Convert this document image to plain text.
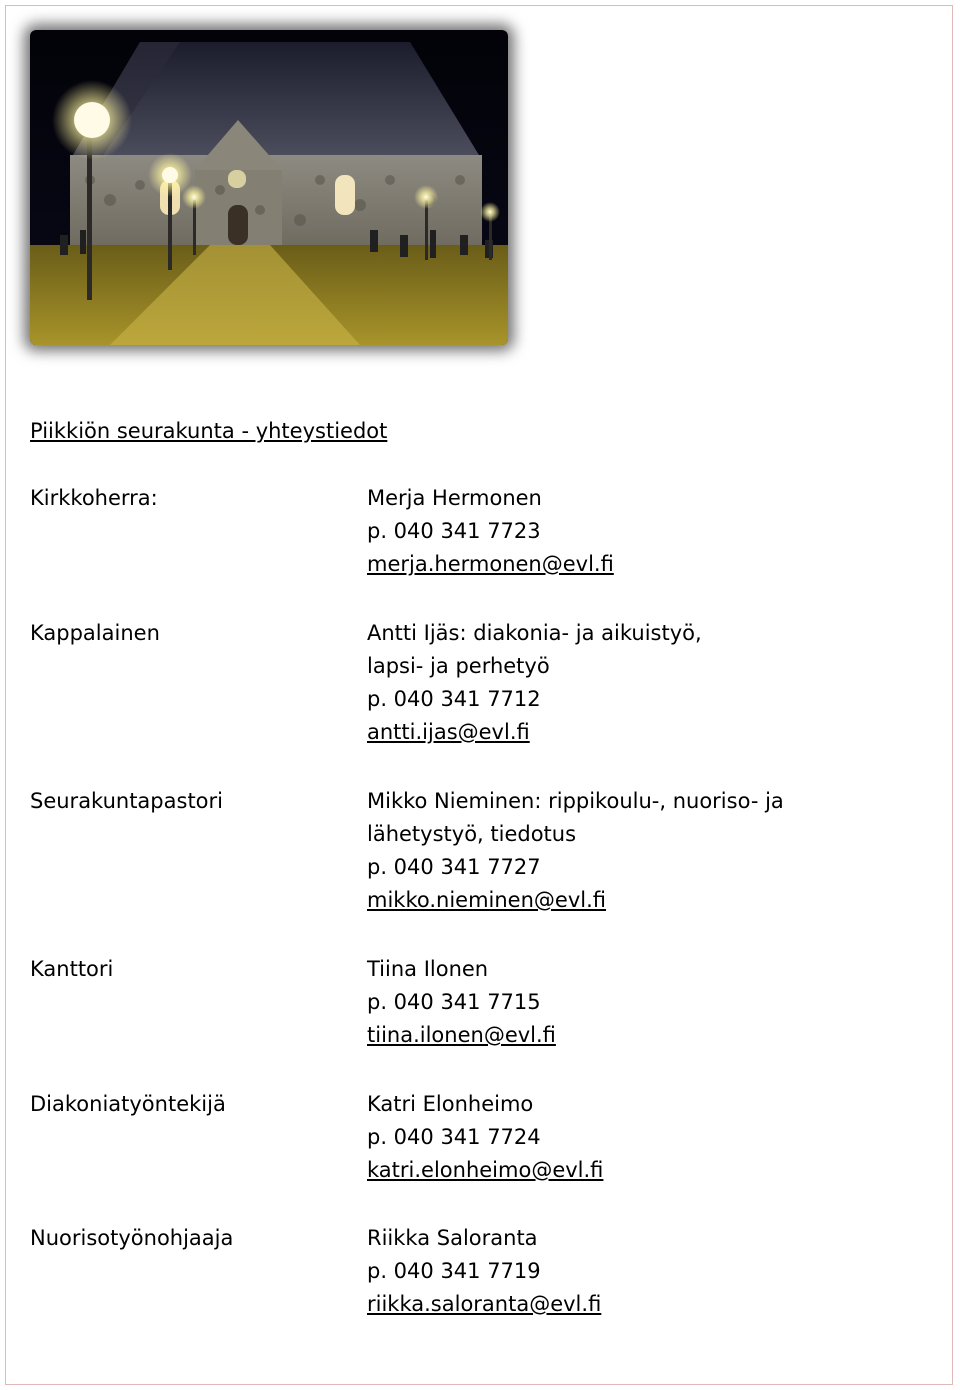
Piikkiön seurakunta - yhteystiedot
Kirkkoherra:	Merja Hermonen
p. 040 341 7723
merja.hermonen@evl.fi
Kappalainen	Antti Ijäs: diakonia- ja aikuistyö,
lapsi- ja perhetyö
p. 040 341 7712
antti.ijas@evl.fi
Seurakuntapastori	Mikko Nieminen: rippikoulu-, nuoriso- ja
lähetystyö, tiedotus
p. 040 341 7727
mikko.nieminen@evl.fi
Kanttori	Tiina Ilonen
p. 040 341 7715
tiina.ilonen@evl.fi
Diakoniatyöntekijä	Katri Elonheimo
p. 040 341 7724
katri.elonheimo@evl.fi
Nuorisotyönohjaaja	Riikka Saloranta
p. 040 341 7719
riikka.saloranta@evl.fi
